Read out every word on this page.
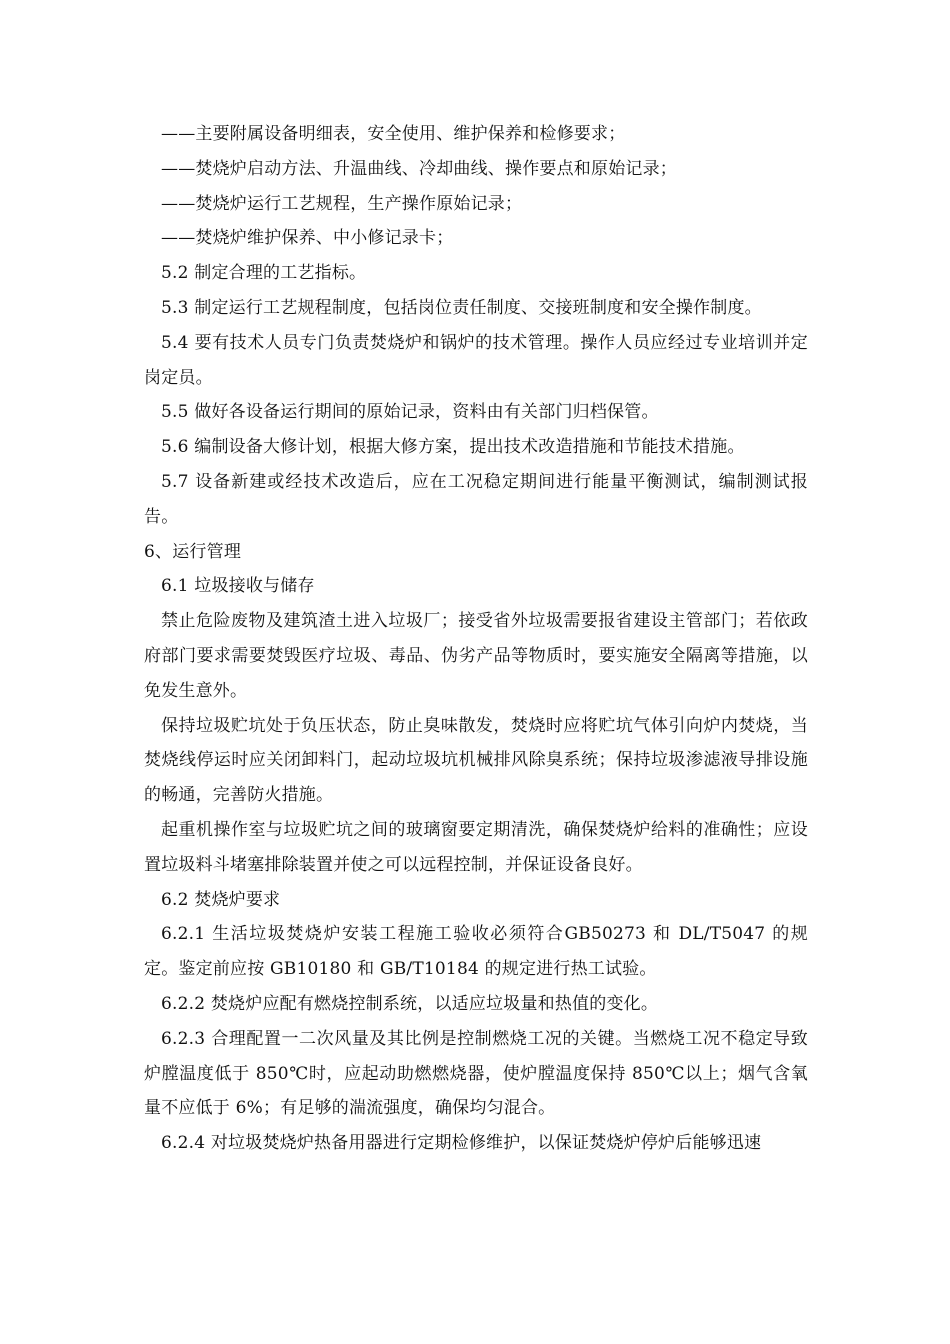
——主要附属设备明细表，安全使用、维护保养和检修要求；

——焚烧炉启动方法、升温曲线、冷却曲线、操作要点和原始记录；

——焚烧炉运行工艺规程，生产操作原始记录；

——焚烧炉维护保养、中小修记录卡；

5.2 制定合理的工艺指标。

5.3 制定运行工艺规程制度，包括岗位责任制度、交接班制度和安全操作制度。

5.4 要有技术人员专门负责焚烧炉和锅炉的技术管理。操作人员应经过专业培训并定岗定员。

5.5 做好各设备运行期间的原始记录，资料由有关部门归档保管。

5.6 编制设备大修计划，根据大修方案，提出技术改造措施和节能技术措施。

5.7 设备新建或经技术改造后，应在工况稳定期间进行能量平衡测试，编制测试报告。

6、运行管理

6.1 垃圾接收与储存

禁止危险废物及建筑渣土进入垃圾厂；接受省外垃圾需要报省建设主管部门；若依政府部门要求需要焚毁医疗垃圾、毒品、伪劣产品等物质时，要实施安全隔离等措施，以免发生意外。

保持垃圾贮坑处于负压状态，防止臭味散发，焚烧时应将贮坑气体引向炉内焚烧，当焚烧线停运时应关闭卸料门，起动垃圾坑机械排风除臭系统；保持垃圾渗滤液导排设施的畅通，完善防火措施。

起重机操作室与垃圾贮坑之间的玻璃窗要定期清洗，确保焚烧炉给料的准确性；应设置垃圾料斗堵塞排除装置并使之可以远程控制，并保证设备良好。

6.2 焚烧炉要求

6.2.1 生活垃圾焚烧炉安装工程施工验收必须符合GB50273 和 DL/T5047 的规定。鉴定前应按 GB10180 和 GB/T10184 的规定进行热工试验。

6.2.2 焚烧炉应配有燃烧控制系统，以适应垃圾量和热值的变化。

6.2.3 合理配置一二次风量及其比例是控制燃烧工况的关键。当燃烧工况不稳定导致炉膛温度低于 850℃时，应起动助燃燃烧器，使炉膛温度保持 850℃以上；烟气含氧量不应低于 6%；有足够的湍流强度，确保均匀混合。

6.2.4 对垃圾焚烧炉热备用器进行定期检修维护，以保证焚烧炉停炉后能够迅速
